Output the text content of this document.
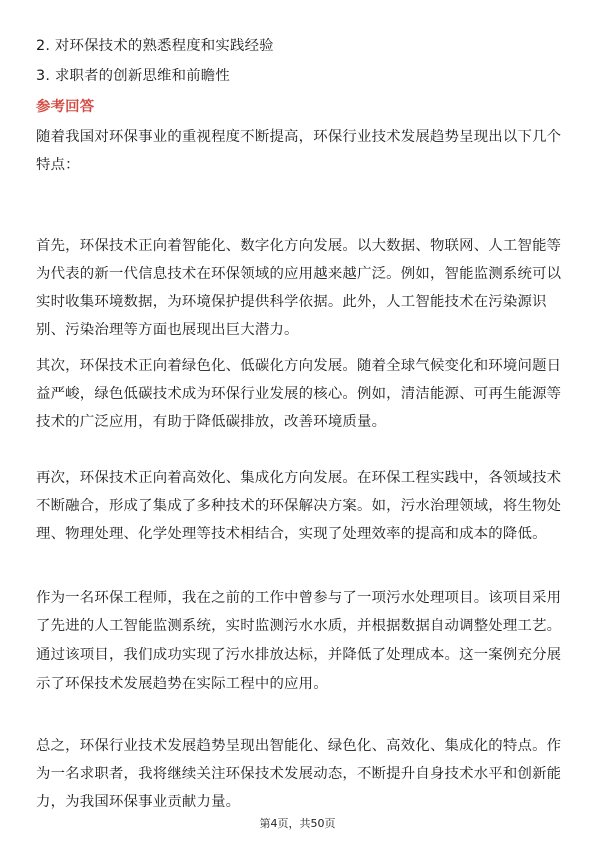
2. 对环保技术的熟悉程度和实践经验
3. 求职者的创新思维和前瞻性
参考回答
随着我国对环保事业的重视程度不断提高，环保行业技术发展趋势呈现出以下几个
特点：
首先，环保技术正向着智能化、数字化方向发展。以大数据、物联网、人工智能等
为代表的新一代信息技术在环保领域的应用越来越广泛。例如，智能监测系统可以
实时收集环境数据，为环境保护提供科学依据。此外，人工智能技术在污染源识
别、污染治理等方面也展现出巨大潜力。
其次，环保技术正向着绿色化、低碳化方向发展。随着全球气候变化和环境问题日
益严峻，绿色低碳技术成为环保行业发展的核心。例如，清洁能源、可再生能源等
技术的广泛应用，有助于降低碳排放，改善环境质量。
再次，环保技术正向着高效化、集成化方向发展。在环保工程实践中，各领域技术
不断融合，形成了集成了多种技术的环保解决方案。如，污水治理领域，将生物处
理、物理处理、化学处理等技术相结合，实现了处理效率的提高和成本的降低。
作为一名环保工程师，我在之前的工作中曾参与了一项污水处理项目。该项目采用
了先进的人工智能监测系统，实时监测污水水质，并根据数据自动调整处理工艺。
通过该项目，我们成功实现了污水排放达标，并降低了处理成本。这一案例充分展
示了环保技术发展趋势在实际工程中的应用。
总之，环保行业技术发展趋势呈现出智能化、绿色化、高效化、集成化的特点。作
为一名求职者，我将继续关注环保技术发展动态，不断提升自身技术水平和创新能
力，为我国环保事业贡献力量。
第4页，共50页
